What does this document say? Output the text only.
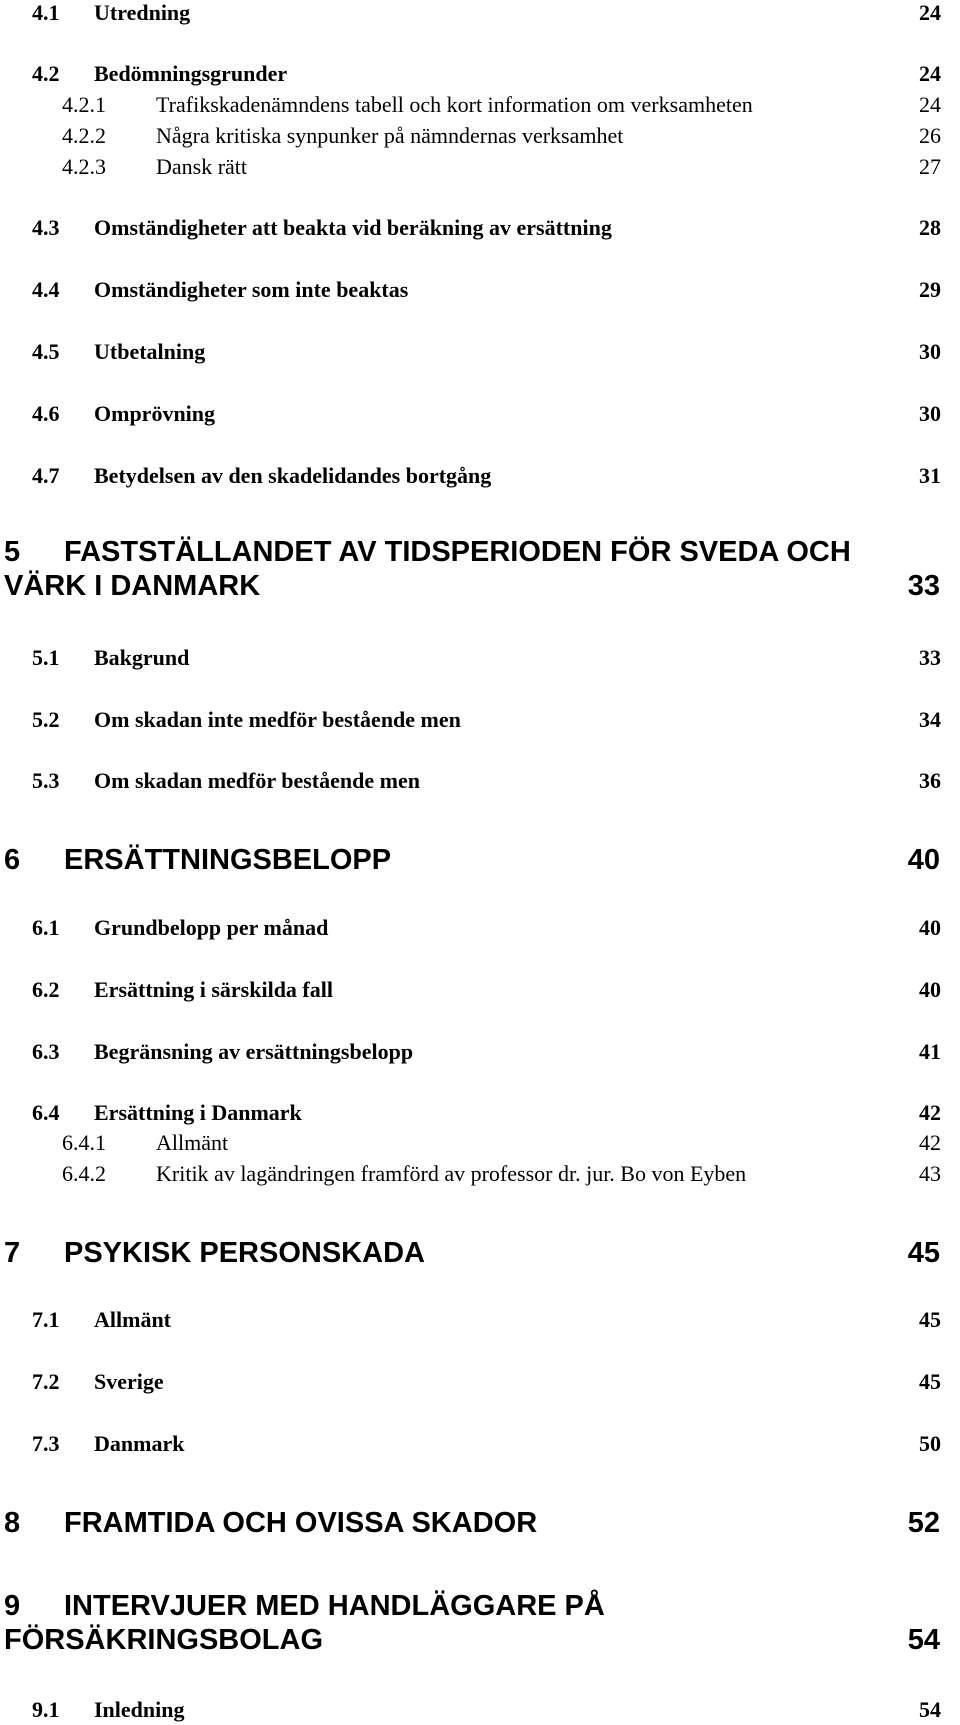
4.1 Utredning	24
4.2 Bedömningsgrunder	24
4.2.1 Trafikskadenämndens tabell och kort information om verksamheten	24
4.2.2 Några kritiska synpunker på nämndernas verksamhet	26
4.2.3 Dansk rätt	27
4.3 Omständigheter att beakta vid beräkning av ersättning	28
4.4 Omständigheter som inte beaktas	29
4.5 Utbetalning	30
4.6 Omprövning	30
4.7 Betydelsen av den skadelidandes bortgång	31
5	FASTSTÄLLANDET AV TIDSPERIODEN FÖR SVEDA OCH VÄRK I DANMARK	33
5.1 Bakgrund	33
5.2 Om skadan inte medför bestående men	34
5.3 Om skadan medför bestående men	36
6 ERSÄTTNINGSBELOPP	40
6.1 Grundbelopp per månad	40
6.2 Ersättning i särskilda fall	40
6.3 Begränsning av ersättningsbelopp	41
6.4 Ersättning i Danmark	42
6.4.1 Allmänt	42
6.4.2 Kritik av lagändringen framförd av professor dr. jur. Bo von Eyben	43
7 PSYKISK PERSONSKADA	45
7.1 Allmänt	45
7.2 Sverige	45
7.3 Danmark	50
8 FRAMTIDA OCH OVISSA SKADOR	52
9	INTERVJUER MED HANDLÄGGARE PÅ FÖRSÄKRINGSBOLAG	54
9.1 Inledning	54
